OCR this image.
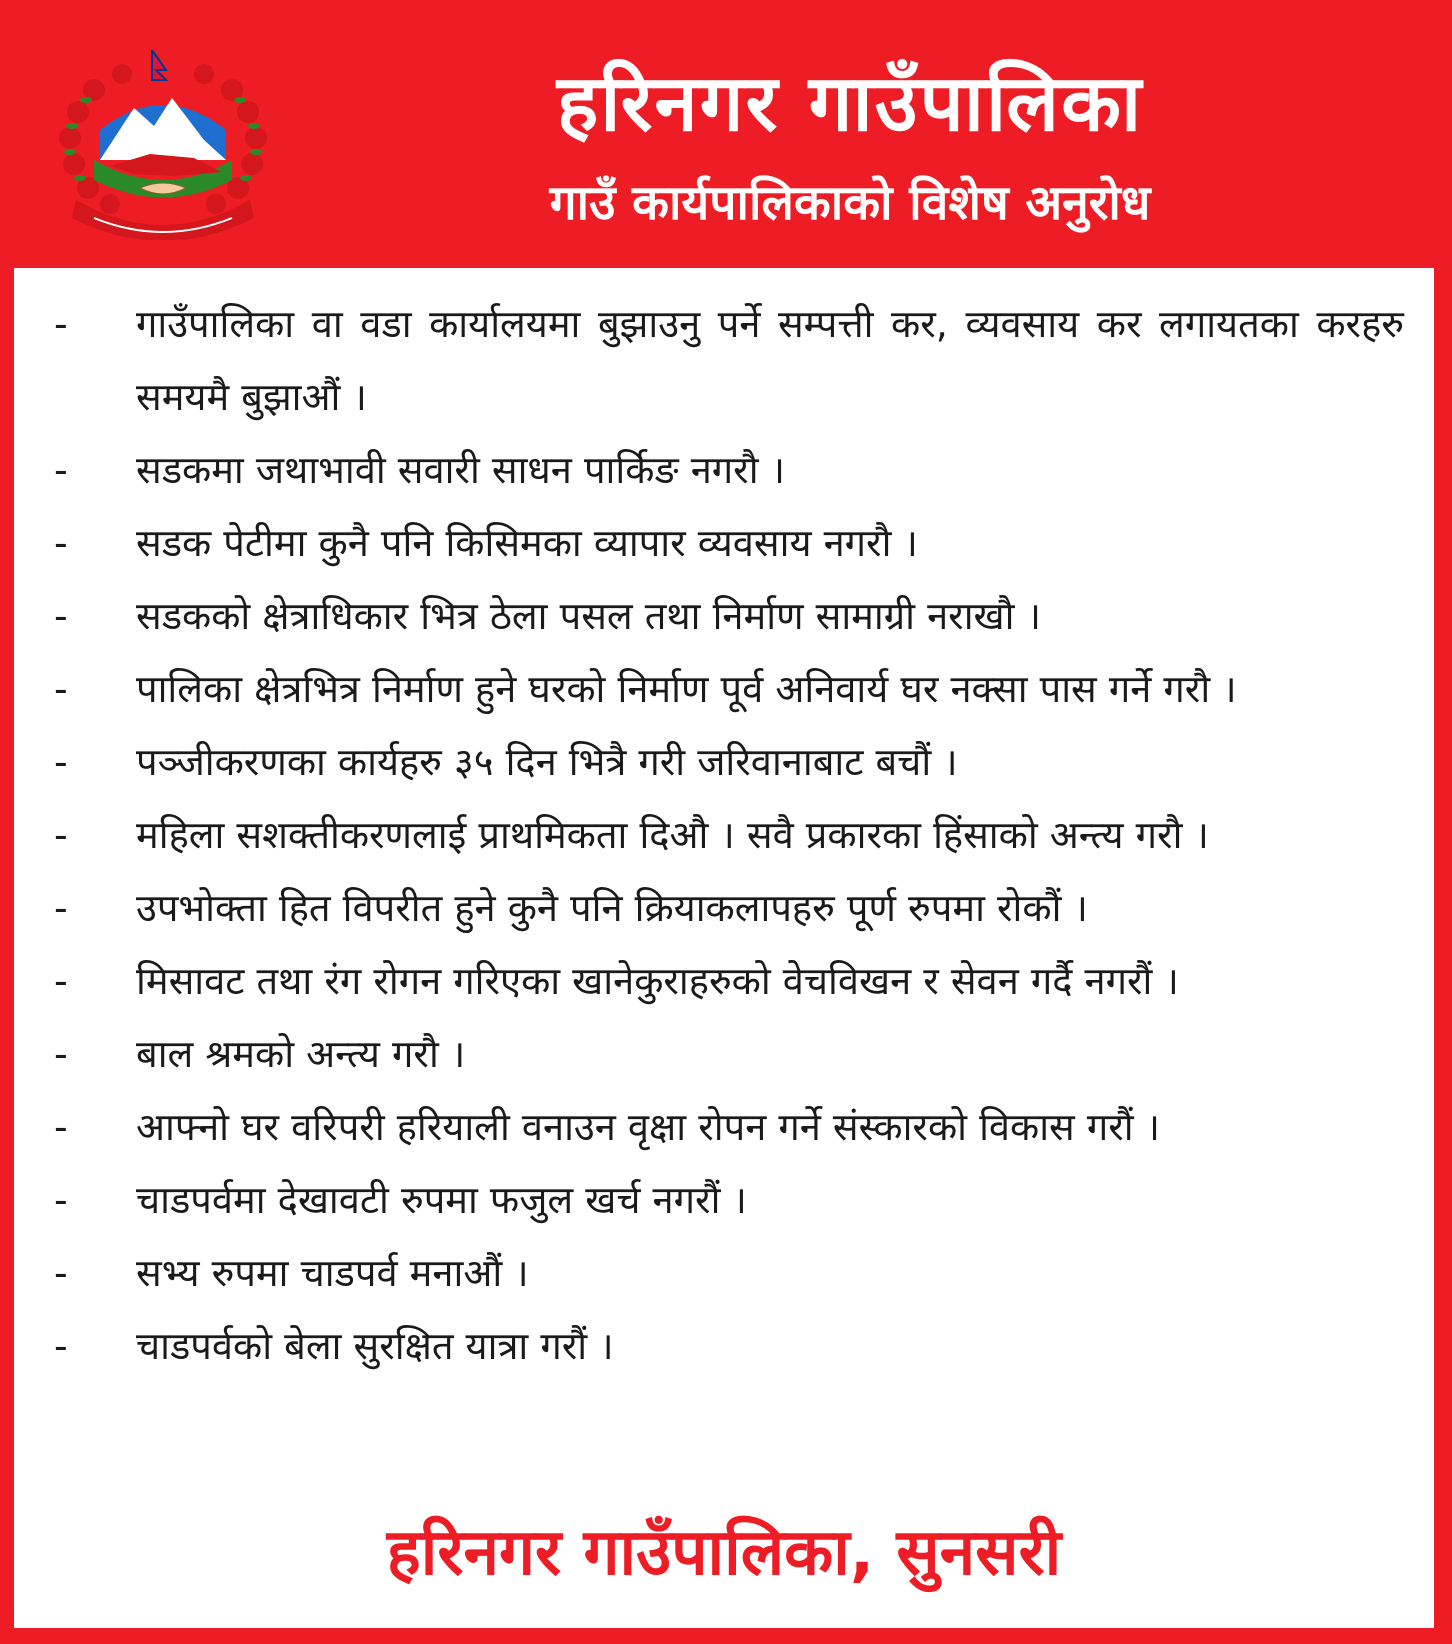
हरिनगर गाउँपालिका
गाउँ कार्यपालिकाको विशेष अनुरोध
-	गाउँपालिका वा वडा कार्यालयमा बुझाउनु पर्ने सम्पत्ती कर, व्यवसाय कर लगायतका करहरु समयमै बुझाऔं ।
-	सडकमा जथाभावी सवारी साधन पार्किङ नगरौ ।
-	सडक पेटीमा कुनै पनि किसिमका व्यापार व्यवसाय नगरौ ।
-	सडकको क्षेत्राधिकार भित्र ठेला पसल तथा निर्माण सामाग्री नराखौ ।
-	पालिका क्षेत्रभित्र निर्माण हुने घरको निर्माण पूर्व अनिवार्य घर नक्सा पास गर्ने गरौ ।
-	पञ्जीकरणका कार्यहरु ३५ दिन भित्रै गरी जरिवानाबाट बचौं ।
-	महिला सशक्तीकरणलाई प्राथमिकता दिऔ । सवै प्रकारका हिंसाको अन्त्य गरौ ।
-	उपभोक्ता हित विपरीत हुने कुनै पनि क्रियाकलापहरु पूर्ण रुपमा रोकौं ।
-	मिसावट तथा रंग रोगन गरिएका खानेकुराहरुको वेचविखन र सेवन गर्दै नगरौं ।
-	बाल श्रमको अन्त्य गरौ ।
-	आफ्नो घर वरिपरी हरियाली वनाउन वृक्षा रोपन गर्ने संस्कारको विकास गरौं ।
-	चाडपर्वमा देखावटी रुपमा फजुल खर्च नगरौं ।
-	सभ्य रुपमा चाडपर्व मनाऔं ।
-	चाडपर्वको बेला सुरक्षित यात्रा गरौं ।
हरिनगर गाउँपालिका, सुनसरी
